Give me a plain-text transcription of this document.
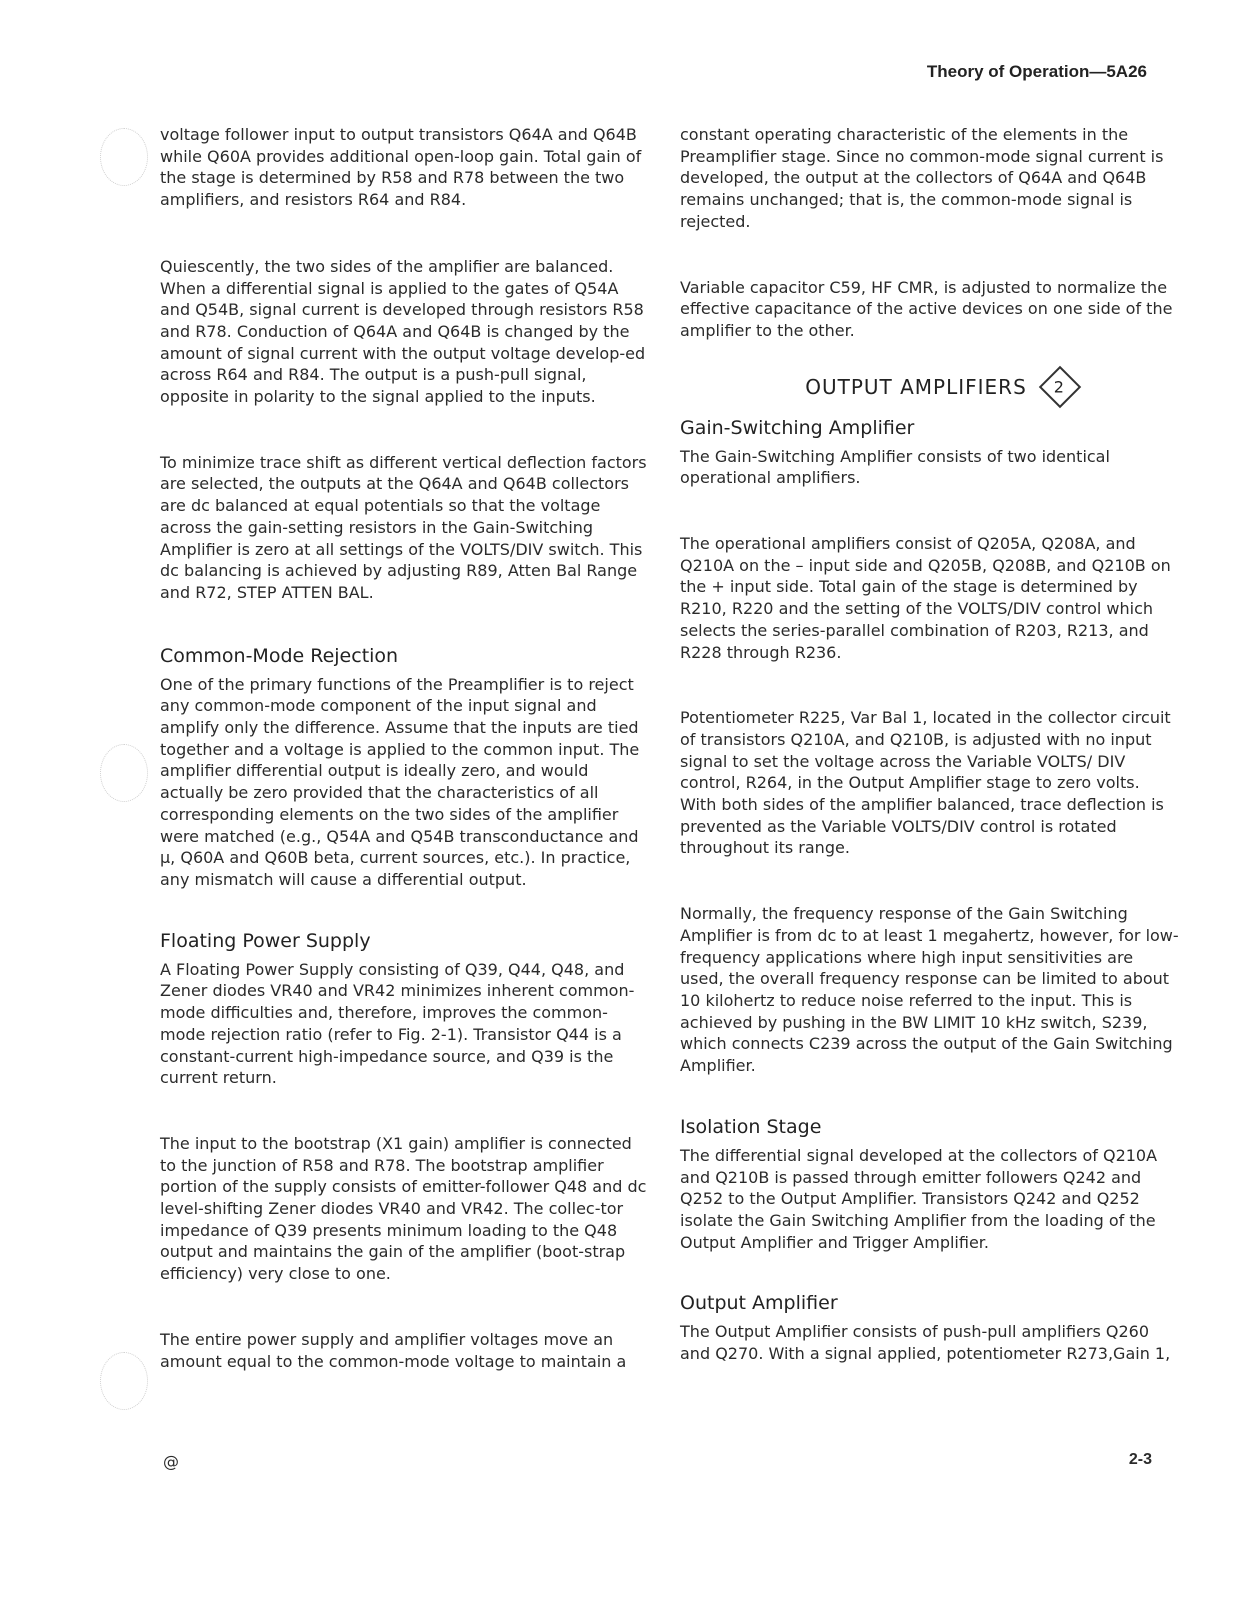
Theory of Operation—5A26

voltage follower input to output transistors Q64A and Q64B while Q60A provides additional open-loop gain. Total gain of the stage is determined by R58 and R78 between the two amplifiers, and resistors R64 and R84.

Quiescently, the two sides of the amplifier are balanced. When a differential signal is applied to the gates of Q54A and Q54B, signal current is developed through resistors R58 and R78. Conduction of Q64A and Q64B is changed by the amount of signal current with the output voltage develop-ed across R64 and R84. The output is a push-pull signal, opposite in polarity to the signal applied to the inputs.

To minimize trace shift as different vertical deflection factors are selected, the outputs at the Q64A and Q64B collectors are dc balanced at equal potentials so that the voltage across the gain-setting resistors in the Gain-Switching Amplifier is zero at all settings of the VOLTS/DIV switch. This dc balancing is achieved by adjusting R89, Atten Bal Range and R72, STEP ATTEN BAL.

Common-Mode Rejection

One of the primary functions of the Preamplifier is to reject any common-mode component of the input signal and amplify only the difference. Assume that the inputs are tied together and a voltage is applied to the common input. The amplifier differential output is ideally zero, and would actually be zero provided that the characteristics of all corresponding elements on the two sides of the amplifier were matched (e.g., Q54A and Q54B transconductance and μ, Q60A and Q60B beta, current sources, etc.). In practice, any mismatch will cause a differential output.

Floating Power Supply

A Floating Power Supply consisting of Q39, Q44, Q48, and Zener diodes VR40 and VR42 minimizes inherent common-mode difficulties and, therefore, improves the common-mode rejection ratio (refer to Fig. 2-1). Transistor Q44 is a constant-current high-impedance source, and Q39 is the current return.

The input to the bootstrap (X1 gain) amplifier is connected to the junction of R58 and R78. The bootstrap amplifier portion of the supply consists of emitter-follower Q48 and dc level-shifting Zener diodes VR40 and VR42. The collec-tor impedance of Q39 presents minimum loading to the Q48 output and maintains the gain of the amplifier (boot-strap efficiency) very close to one.

The entire power supply and amplifier voltages move an amount equal to the common-mode voltage to maintain a

constant operating characteristic of the elements in the Preamplifier stage. Since no common-mode signal current is developed, the output at the collectors of Q64A and Q64B remains unchanged; that is, the common-mode signal is rejected.

Variable capacitor C59, HF CMR, is adjusted to normalize the effective capacitance of the active devices on one side of the amplifier to the other.

OUTPUT AMPLIFIERS 2
Gain-Switching Amplifier

The Gain-Switching Amplifier consists of two identical operational amplifiers.

The operational amplifiers consist of Q205A, Q208A, and Q210A on the – input side and Q205B, Q208B, and Q210B on the + input side. Total gain of the stage is determined by R210, R220 and the setting of the VOLTS/DIV control which selects the series-parallel combination of R203, R213, and R228 through R236.

Potentiometer R225, Var Bal 1, located in the collector circuit of transistors Q210A, and Q210B, is adjusted with no input signal to set the voltage across the Variable VOLTS/ DIV control, R264, in the Output Amplifier stage to zero volts. With both sides of the amplifier balanced, trace deflection is prevented as the Variable VOLTS/DIV control is rotated throughout its range.

Normally, the frequency response of the Gain Switching Amplifier is from dc to at least 1 megahertz, however, for low-frequency applications where high input sensitivities are used, the overall frequency response can be limited to about 10 kilohertz to reduce noise referred to the input. This is achieved by pushing in the BW LIMIT 10 kHz switch, S239, which connects C239 across the output of the Gain Switching Amplifier.

Isolation Stage

The differential signal developed at the collectors of Q210A and Q210B is passed through emitter followers Q242 and Q252 to the Output Amplifier. Transistors Q242 and Q252 isolate the Gain Switching Amplifier from the loading of the Output Amplifier and Trigger Amplifier.

Output Amplifier

The Output Amplifier consists of push-pull amplifiers Q260 and Q270. With a signal applied, potentiometer R273,Gain 1,

@	2-3
